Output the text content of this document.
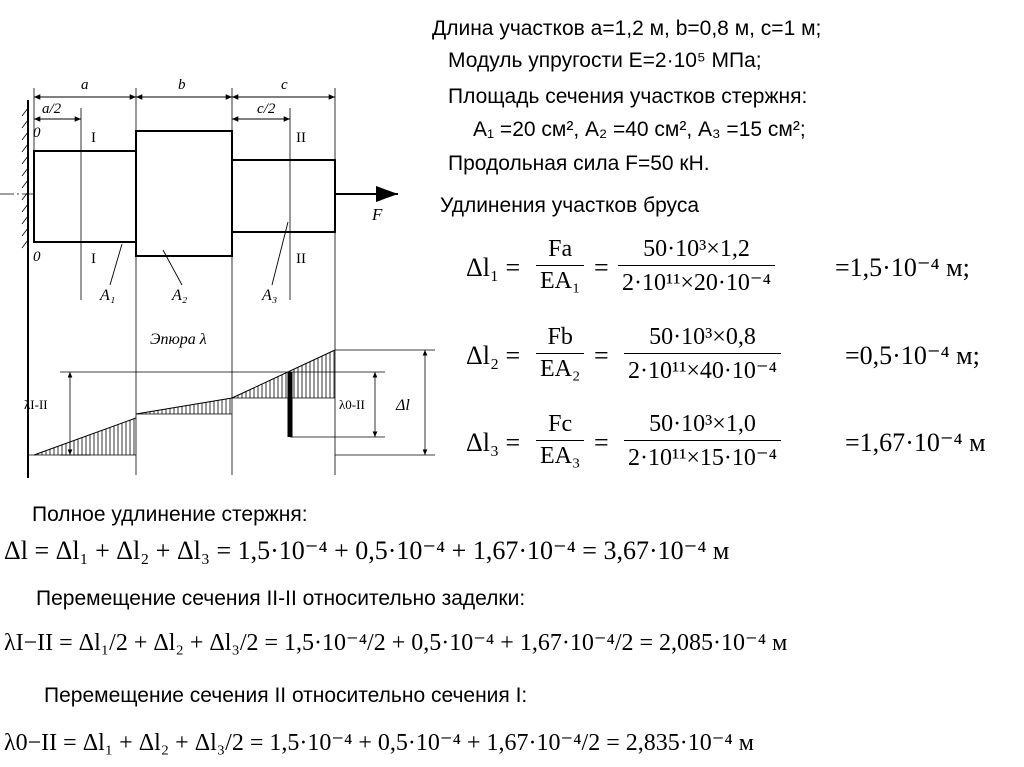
a
a/2
b	c
c/2
0
0
I
I
II
II
F
A₁	A₂	A₃
Эпюра λ
λI-II	λ0-II Δl
Длина участков a=1,2 м, b=0,8 м, c=1 м;
Модуль упругости E=2·10⁵ МПа;
Площадь сечения участков стержня:
A₁ =20 см², A₂ =40 см², A₃ =15 см²;
Продольная сила F=50 кН.
Удлинения участков бруса
$\Delta l_1 = \frac{Fa}{\text{EA₁}} = \frac{\text{50·10³×1,2}}{\text{2·10¹¹×20·10⁻⁴}} =1,5\cdot 10^{-4}$ м;
$\Delta l_2 = \frac{Fb}{\text{EA₂}} = \frac{\text{50·10³×0,8}}{\text{2·10¹¹×40·10⁻⁴}} =0,5\cdot 10^{-4}$ м;
$\Delta l_3 = \frac{Fc}{\text{EA₃}} = \frac{\text{50·10³×1,0}}{\text{2·10¹¹×15·10⁻⁴}} =1,67\cdot 10^{-4}$ м
Полное удлинение стержня:
Δl = Δl₁ + Δl₂ + Δl₃ = 1,5·10⁻⁴ + 0,5·10⁻⁴ + 1,67·10⁻⁴ = 3,67·10⁻⁴ м
Перемещение сечения II-II относительно заделки:
λI−II = Δl₁/2 + Δl₂ + Δl₃/2 = 1,5·10⁻⁴/2 + 0,5·10⁻⁴ + 1,67·10⁻⁴/2 = 2,085·10⁻⁴ м
Перемещение сечения II относительно сечения I:
λ0−II = Δl₁ + Δl₂ + Δl₃/2 = 1,5·10⁻⁴ + 0,5·10⁻⁴ + 1,67·10⁻⁴/2 = 2,835·10⁻⁴ м
